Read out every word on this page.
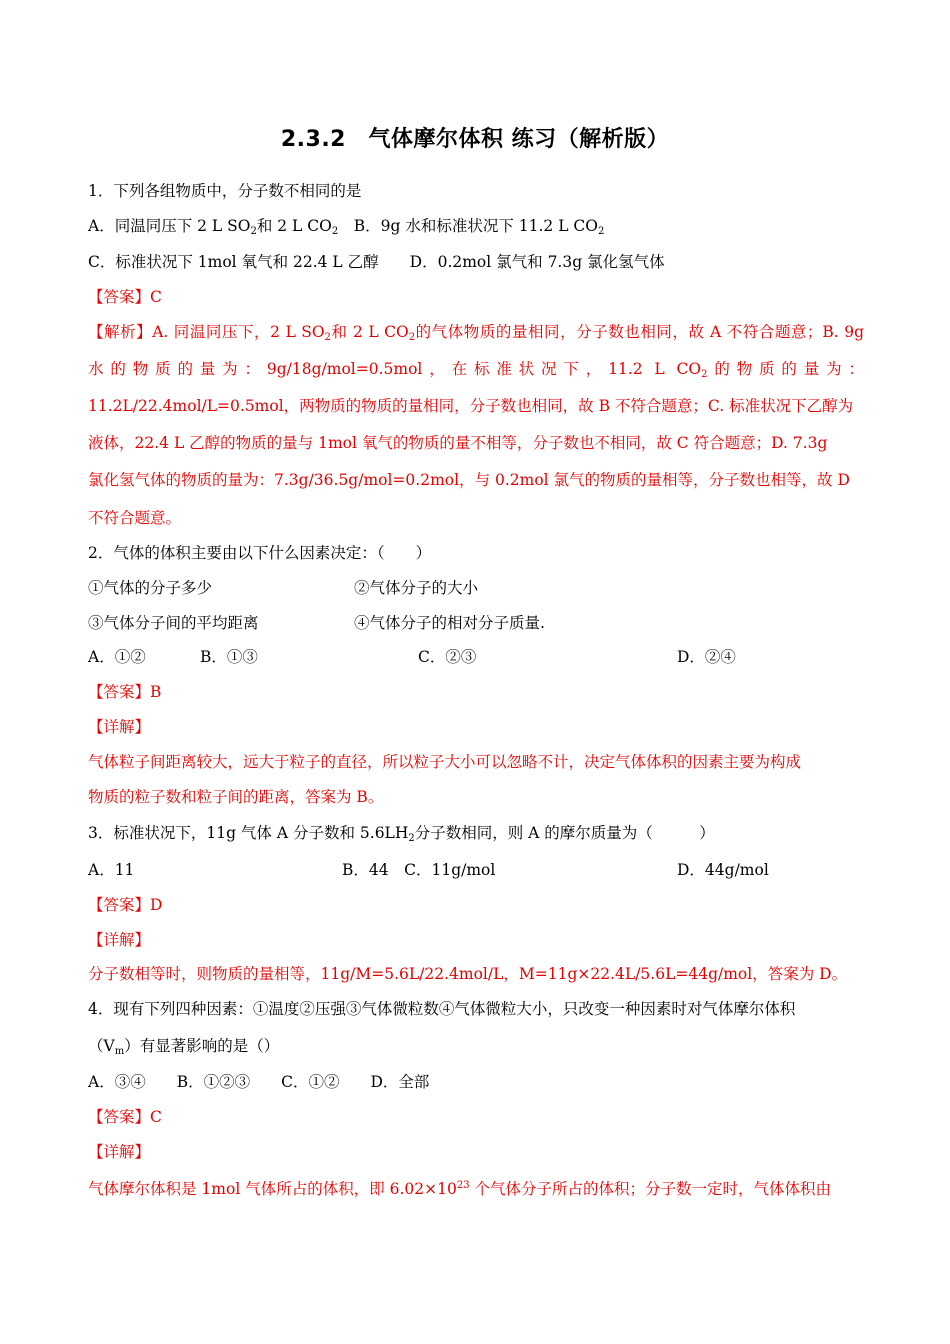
2.3.2　气体摩尔体积 练习（解析版）
1．下列各组物质中，分子数不相同的是
A．同温同压下 2 L $SO_2$和 2 L $CO_2$　B．9g 水和标准状况下 11.2 L $CO_2$
C．标准状况下 1mol 氧气和 22.4 L 乙醇　　D．0.2mol 氯气和 7.3g 氯化氢气体
【答案】C
【解析】A. 同温同压下，2 L $SO_2$和 2 L $CO_2$的气体物质的量相同，分子数也相同，故 A 不符合题意；B. 9g
水的物质的量为：9g/18g/mol=0.5mol，在标准状况下，11.2 L $CO_2$的物质的量为：
11.2L/22.4mol/L=0.5mol，两物质的物质的量相同，分子数也相同，故 B 不符合题意；C. 标准状况下乙醇为
液体，22.4 L 乙醇的物质的量与 1mol 氧气的物质的量不相等，分子数也不相同，故 C 符合题意；D. 7.3g
氯化氢气体的物质的量为：7.3g/36.5g/mol=0.2mol，与 0.2mol 氯气的物质的量相等，分子数也相等，故 D
不符合题意。
2．气体的体积主要由以下什么因素决定：（　　）
①气体的分子多少	②气体分子的大小
③气体分子间的平均距离	④气体分子的相对分子质量.
A．①②	B．①③	C．②③	D．②④
【答案】B
【详解】
气体粒子间距离较大，远大于粒子的直径，所以粒子大小可以忽略不计，决定气体体积的因素主要为构成
物质的粒子数和粒子间的距离，答案为 B。
3．标准状况下，11g 气体 A 分子数和 $5.6LH_2$分子数相同，则 A 的摩尔质量为（　　　）
A．11	B．44　C．11g/mol	D．44g/mol
【答案】D
【详解】
分子数相等时，则物质的量相等，11g/M=5.6L/22.4mol/L，M=11g×22.4L/5.6L=44g/mol，答案为 D。
4．现有下列四种因素：①温度②压强③气体微粒数④气体微粒大小，只改变一种因素时对气体摩尔体积
$(V_m)$有显著影响的是（）
A．③④　　B．①②③　　C．①②　　D．全部
【答案】C
【详解】
气体摩尔体积是 1mol 气体所占的体积，即 $6.02\times 10^{23}$ 个气体分子所占的体积；分子数一定时，气体体积由
